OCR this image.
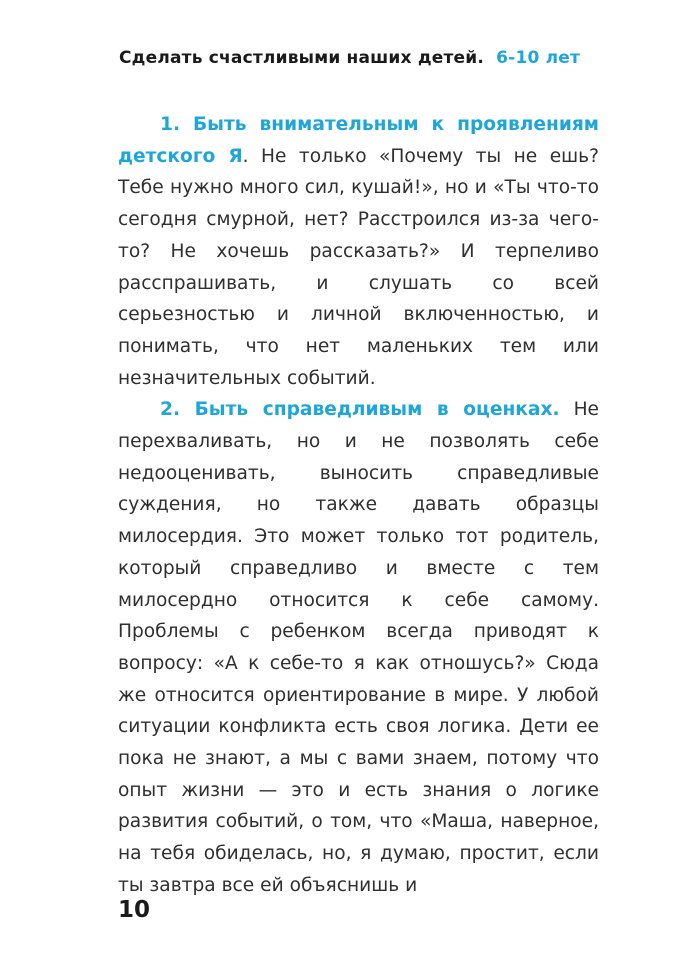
Сделать счастливыми наших детей. 6-10 лет

1. Быть внимательным к проявлениям детского Я. Не только «Почему ты не ешь? Тебе нужно много сил, кушай!», но и «Ты что-то сегодня смурной, нет? Расстроился из-за чего-то? Не хочешь рассказать?» И терпеливо расспрашивать, и слушать со всей серьезностью и личной включенностью, и понимать, что нет маленьких тем или незначительных событий.

2. Быть справедливым в оценках. Не перехваливать, но и не позволять себе недооценивать, выносить справедливые суждения, но также давать образцы милосердия. Это может только тот родитель, который справедливо и вместе с тем милосердно относится к себе самому. Проблемы с ребенком всегда приводят к вопросу: «А к себе-то я как отношусь?» Сюда же относится ориентирование в мире. У любой ситуации конфликта есть своя логика. Дети ее пока не знают, а мы с вами знаем, потому что опыт жизни — это и есть знания о логике развития событий, о том, что «Маша, наверное, на тебя обиделась, но, я думаю, простит, если ты завтра все ей объяснишь и

10
